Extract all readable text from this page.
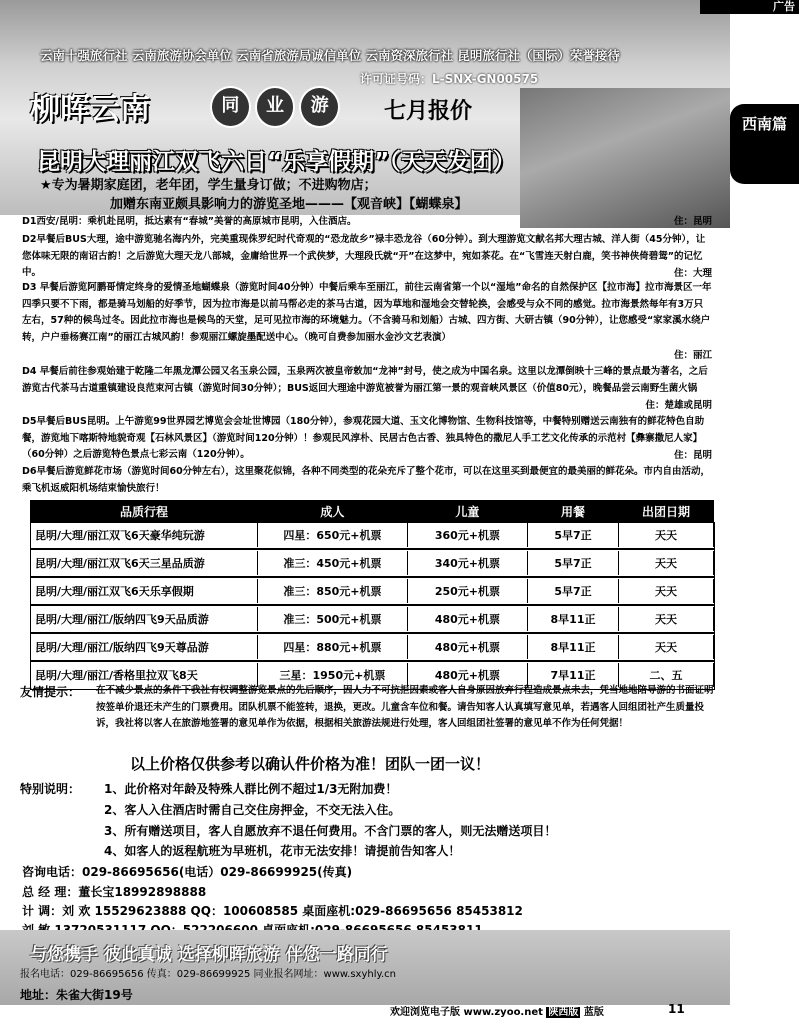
广告
西南篇
云南十强旅行社 云南旅游协会单位 云南省旅游局诚信单位 云南资深旅行社 昆明旅行社（国际）荣誉接待
许可证号码：L-SNX-GN00575
柳晖云南	同	业	游	七月报价
昆明大理丽江双飞六日“乐享假期”（天天发团）
★专为暑期家庭团，老年团，学生量身订做；不进购物店；
加赠东南亚颇具影响力的游览圣地———【观音峡】【蝴蝶泉】
D1西安/昆明：乘机赴昆明，抵达素有“春城”美誉的高原城市昆明，入住酒店。	住：昆明
D2早餐后BUS大理，途中游览驰名海内外，完美重现侏罗纪时代奇观的“恐龙故乡”禄丰恐龙谷（60分钟）。到大理游览文献名邦大理古城、洋人街（45分钟），让您体味无限的南诏古韵！之后游览大理天龙八部城，金庸给世界一个武侠梦，大理段氏就“开”在这梦中，宛如茶花。在“飞雪连天射白鹿，笑书神侠倚碧鸳”的记忆中。	住：大理
D3 早餐后游览阿鹏哥情定终身的爱情圣地蝴蝶泉（游览时间40分钟）中餐后乘车至丽江，前往云南省第一个以“湿地”命名的自然保护区【拉市海】拉市海景区一年四季只要不下雨，都是骑马划船的好季节，因为拉市海是以前马帮必走的茶马古道，因为草地和湿地会交替轮换，会感受与众不同的感觉。拉市海景然每年有3万只左右，57种的候鸟过冬。因此拉市海也是候鸟的天堂，足可见拉市海的环境魅力。（不含骑马和划船）古城、四方街、大研古镇（90分钟），让您感受“家家溪水绕户转，户户垂杨赛江南”的丽江古城风韵！参观丽江螺旋墨配送中心。（晚可自费参加丽水金沙文艺表演）
住：丽江
D4 早餐后前往参观始建于乾隆二年黑龙潭公园又名玉泉公园，玉泉两次被皇帝敕加“龙神”封号，使之成为中国名泉。这里以龙潭倒映十三峰的景点最为著名，之后游览古代茶马古道重镇建设良范束河古镇（游览时间30分钟）；BUS返回大理途中游览被誉为丽江第一景的观音峡风景区（价值80元），晚餐品尝云南野生菌火锅
住：楚雄或昆明
D5早餐后BUS昆明。上午游览99世界园艺博览会会址世博园（180分钟），参观花园大道、玉文化博物馆、生物科技馆等，中餐特别赠送云南独有的鲜花特色自助餐，游览地下喀斯特地貌奇观【石林风景区】（游览时间120分钟）！参观民风淳朴、民居古色古香、独具特色的撒尼人手工艺文化传承的示范村【彝寨撒尼人家】（60分钟）之后游览特色景点七彩云南（120分钟）。	住：昆明
D6早餐后游览鲜花市场（游览时间60分钟左右），这里聚花似锦，各种不同类型的花朵充斥了整个花市，可以在这里买到最便宜的最美丽的鲜花朵。市内自由活动，乘飞机返威阳机场结束愉快旅行！
品质行程	成人	儿童	用餐	出团日期
昆明/大理/丽江双飞6天豪华纯玩游	四星：650元+机票	360元+机票	5早7正	天天
昆明/大理/丽江双飞6天三星品质游	准三：450元+机票	340元+机票	5早7正	天天
昆明/大理/丽江双飞6天乐享假期	准三：850元+机票	250元+机票	5早7正	天天
昆明/大理/丽江/版纳四飞9天品质游	准三：500元+机票	480元+机票	8早11正	天天
昆明/大理/丽江/版纳四飞9天尊品游	四星：880元+机票	480元+机票	8早11正	天天
昆明/大理/丽江/香格里拉双飞8天	三星：1950元+机票	480元+机票	7早11正	二、五
友情提示： 在不减少景点的条件下我社有权调整游览景点的先后顺序，因人力不可抗拒因素或客人自身原因放弃行程造成景点未去，凭当地地陪导游的书面证明按签单价退还未产生的门票费用。团队机票不能签转，退换，更改。儿童含车位和餐。请告知客人认真填写意见单，若遇客人回组团社产生质量投诉，我社将以客人在旅游地签署的意见单作为依据，根据相关旅游法规进行处理，客人回组团社签署的意见单不作为任何凭据！
以上价格仅供参考以确认件价格为准！团队一团一议！
特别说明： 1、此价格对年龄及特殊人群比例不超过1/3无附加费！
2、客人入住酒店时需自己交住房押金，不交无法入住。
3、所有赠送项目，客人自愿放弃不退任何费用。不含门票的客人，则无法赠送项目！
4、如客人的返程航班为早班机，花市无法安排！请提前告知客人！
咨询电话：029-86695656(电话）029-86699925(传真)
总 经 理：董长宝18992898888
计 调：刘 欢 15529623888 QQ：100608585 桌面座机:029-86695656 85453812
与您携手 彼此真诚 选择柳晖旅游 伴您一路同行
报名电话：029-86695656 传真：029-86699925 同业报名网址：www.sxyhly.cn
地址：朱雀大街19号
欢迎浏览电子版 www.zyoo.net 陕西版 蓝版	11
